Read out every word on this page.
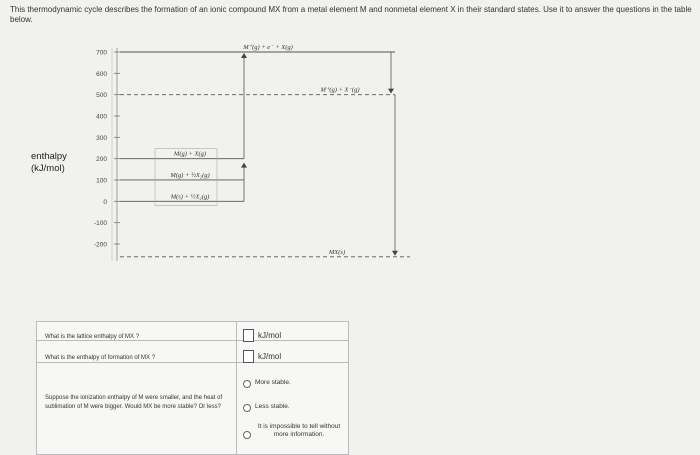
This thermodynamic cycle describes the formation of an ionic compound MX from a metal element M and nonmetal element X in their standard states. Use it to answer the questions in the table below.
700
600
500
400
300
200
100
0
-100
-200
M⁺(g) + e⁻ + X(g)
M⁺(g) + X⁻(g)
M(g) + X(g)
M(g) + ½X₂(g)
M(s) + ½X₂(g)
MX(s)
enthalpy
(kJ/mol)
What is the lattice enthalpy of MX ?	kJ/mol
What is the enthalpy of formation of MX ?	kJ/mol
Suppose the ionization enthalpy of M were smaller, and the heat of sublimation of M were bigger. Would MX be more stable? Or less?
More stable.
Less stable.
It is impossible to tell without more information.
